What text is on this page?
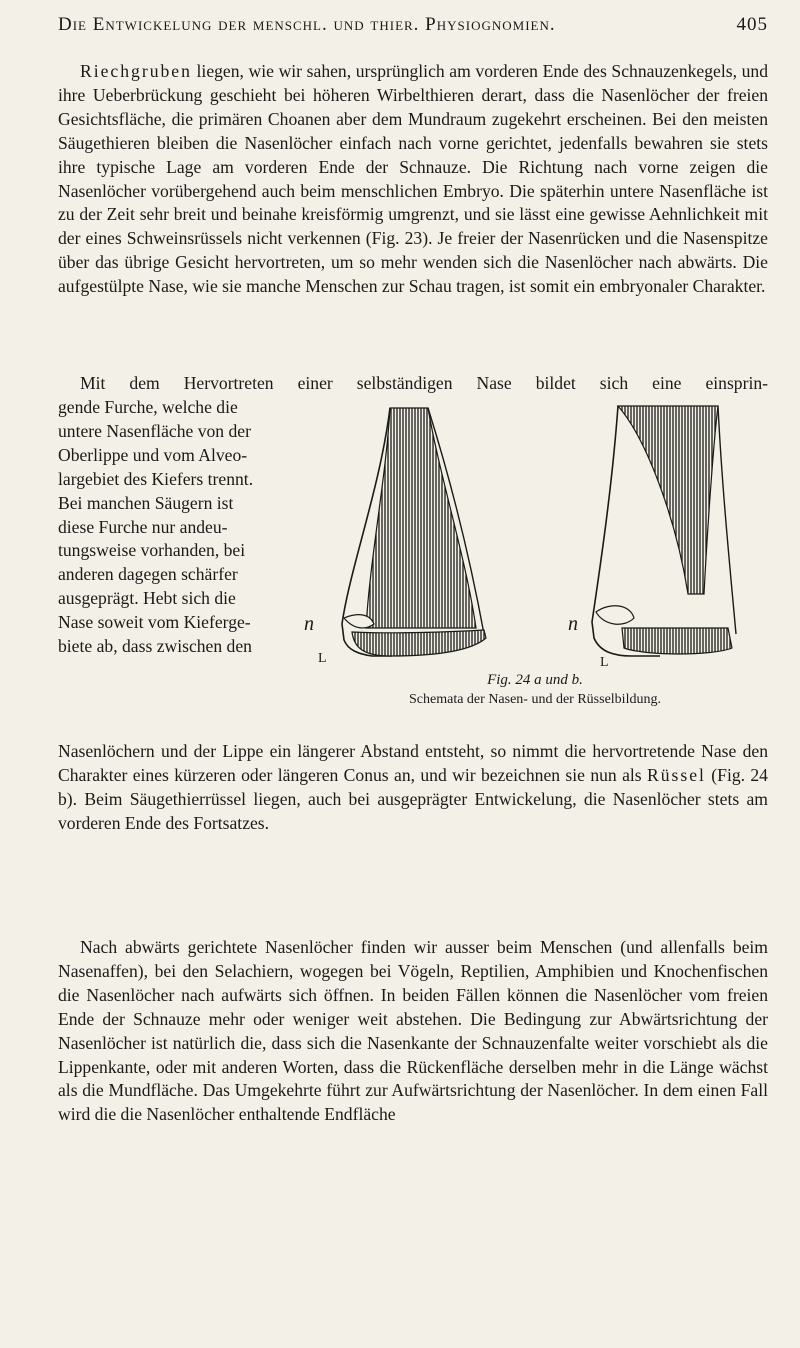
Die Entwickelung der menschl. und thier. Physiognomien.	405

Riechgruben liegen, wie wir sahen, ursprünglich am vorderen Ende des Schnauzenkegels, und ihre Ueberbrückung geschieht bei höheren Wirbelthieren derart, dass die Nasenlöcher der freien Gesichtsfläche, die primären Choanen aber dem Mundraum zugekehrt erscheinen. Bei den meisten Säugethieren bleiben die Nasenlöcher einfach nach vorne gerichtet, jedenfalls bewahren sie stets ihre typische Lage am vorderen Ende der Schnauze. Die Richtung nach vorne zeigen die Nasenlöcher vorübergehend auch beim menschlichen Embryo. Die späterhin untere Nasenfläche ist zu der Zeit sehr breit und beinahe kreisförmig umgrenzt, und sie lässt eine gewisse Aehnlichkeit mit der eines Schweinsrüssels nicht verkennen (Fig. 23). Je freier der Nasenrücken und die Nasenspitze über das übrige Gesicht hervortreten, um so mehr wenden sich die Nasenlöcher nach abwärts. Die aufgestülpte Nase, wie sie manche Menschen zur Schau tragen, ist somit ein embryonaler Charakter.

Mit dem Hervortreten einer selbständigen Nase bildet sich eine einsprin-
gende Furche, welche die
untere Nasenfläche von der
Oberlippe und vom Alveo-
largebiet des Kiefers trennt.
Bei manchen Säugern ist
diese Furche nur andeu-
tungsweise vorhanden, bei
anderen dagegen schärfer
ausgeprägt. Hebt sich die
Nase soweit vom Kieferge-
biete ab, dass zwischen den
n
L
n
L
Fig. 24 a und b.
Schemata der Nasen- und der Rüsselbildung.

Nasenlöchern und der Lippe ein längerer Abstand entsteht, so nimmt die hervortretende Nase den Charakter eines kürzeren oder längeren Conus an, und wir bezeichnen sie nun als Rüssel (Fig. 24 b). Beim Säugethierrüssel liegen, auch bei ausgeprägter Entwickelung, die Nasenlöcher stets am vorderen Ende des Fortsatzes.

Nach abwärts gerichtete Nasenlöcher finden wir ausser beim Menschen (und allenfalls beim Nasenaffen), bei den Selachiern, wogegen bei Vögeln, Reptilien, Amphibien und Knochenfischen die Nasenlöcher nach aufwärts sich öffnen. In beiden Fällen können die Nasenlöcher vom freien Ende der Schnauze mehr oder weniger weit abstehen. Die Bedingung zur Abwärtsrichtung der Nasenlöcher ist natürlich die, dass sich die Nasenkante der Schnauzenfalte weiter vorschiebt als die Lippenkante, oder mit anderen Worten, dass die Rückenfläche derselben mehr in die Länge wächst als die Mundfläche. Das Umgekehrte führt zur Aufwärtsrichtung der Nasenlöcher. In dem einen Fall wird die die Nasenlöcher enthaltende Endfläche
